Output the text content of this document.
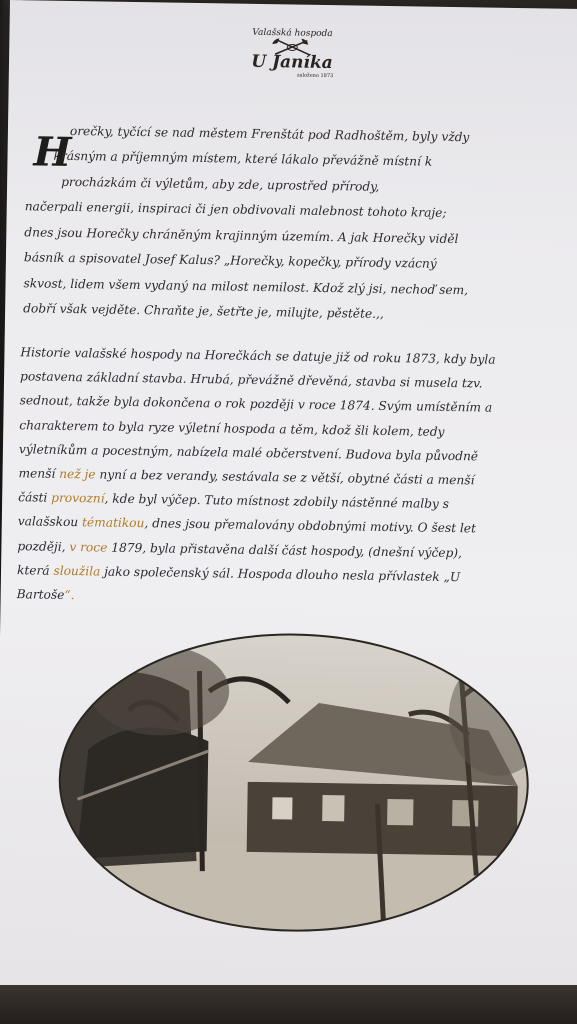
Valašská hospoda
U Janíka
založeno 1873
H
orečky, tyčící se nad městem Frenštát pod Radhoštěm, byly vždy
krásným a příjemným místem, které lákalo převážně místní k
procházkám či výletům, aby zde, uprostřed přírody,
načerpali energii, inspiraci či jen obdivovali malebnost tohoto kraje;
dnes jsou Horečky chráněným krajinným územím. A jak Horečky viděl
básník a spisovatel Josef Kalus? „Horečky, kopečky, přírody vzácný
skvost, lidem všem vydaný na milost nemilost. Kdož zlý jsi, nechoď sem,
dobří však vejděte. Chraňte je, šetřte je, milujte, pěstěte.,,
Historie valašské hospody na Horečkách se datuje již od roku 1873, kdy byla
postavena základní stavba. Hrubá, převážně dřevěná, stavba si musela tzv.
sednout, takže byla dokončena o rok později v roce 1874. Svým umístěním a
charakterem to byla ryze výletní hospoda a těm, kdož šli kolem, tedy
výletníkům a pocestným, nabízela malé občerstvení. Budova byla původně
menší než je nyní a bez verandy, sestávala se z větší, obytné části a menší
části provozní, kde byl výčep. Tuto místnost zdobily nástěnné malby s
valašskou tématikou, dnes jsou přemalovány obdobnými motivy. O šest let
později, v roce 1879, byla přistavěna další část hospody, (dnešní výčep),
která sloužila jako společenský sál. Hospoda dlouho nesla přívlastek „U
Bartoše“.
